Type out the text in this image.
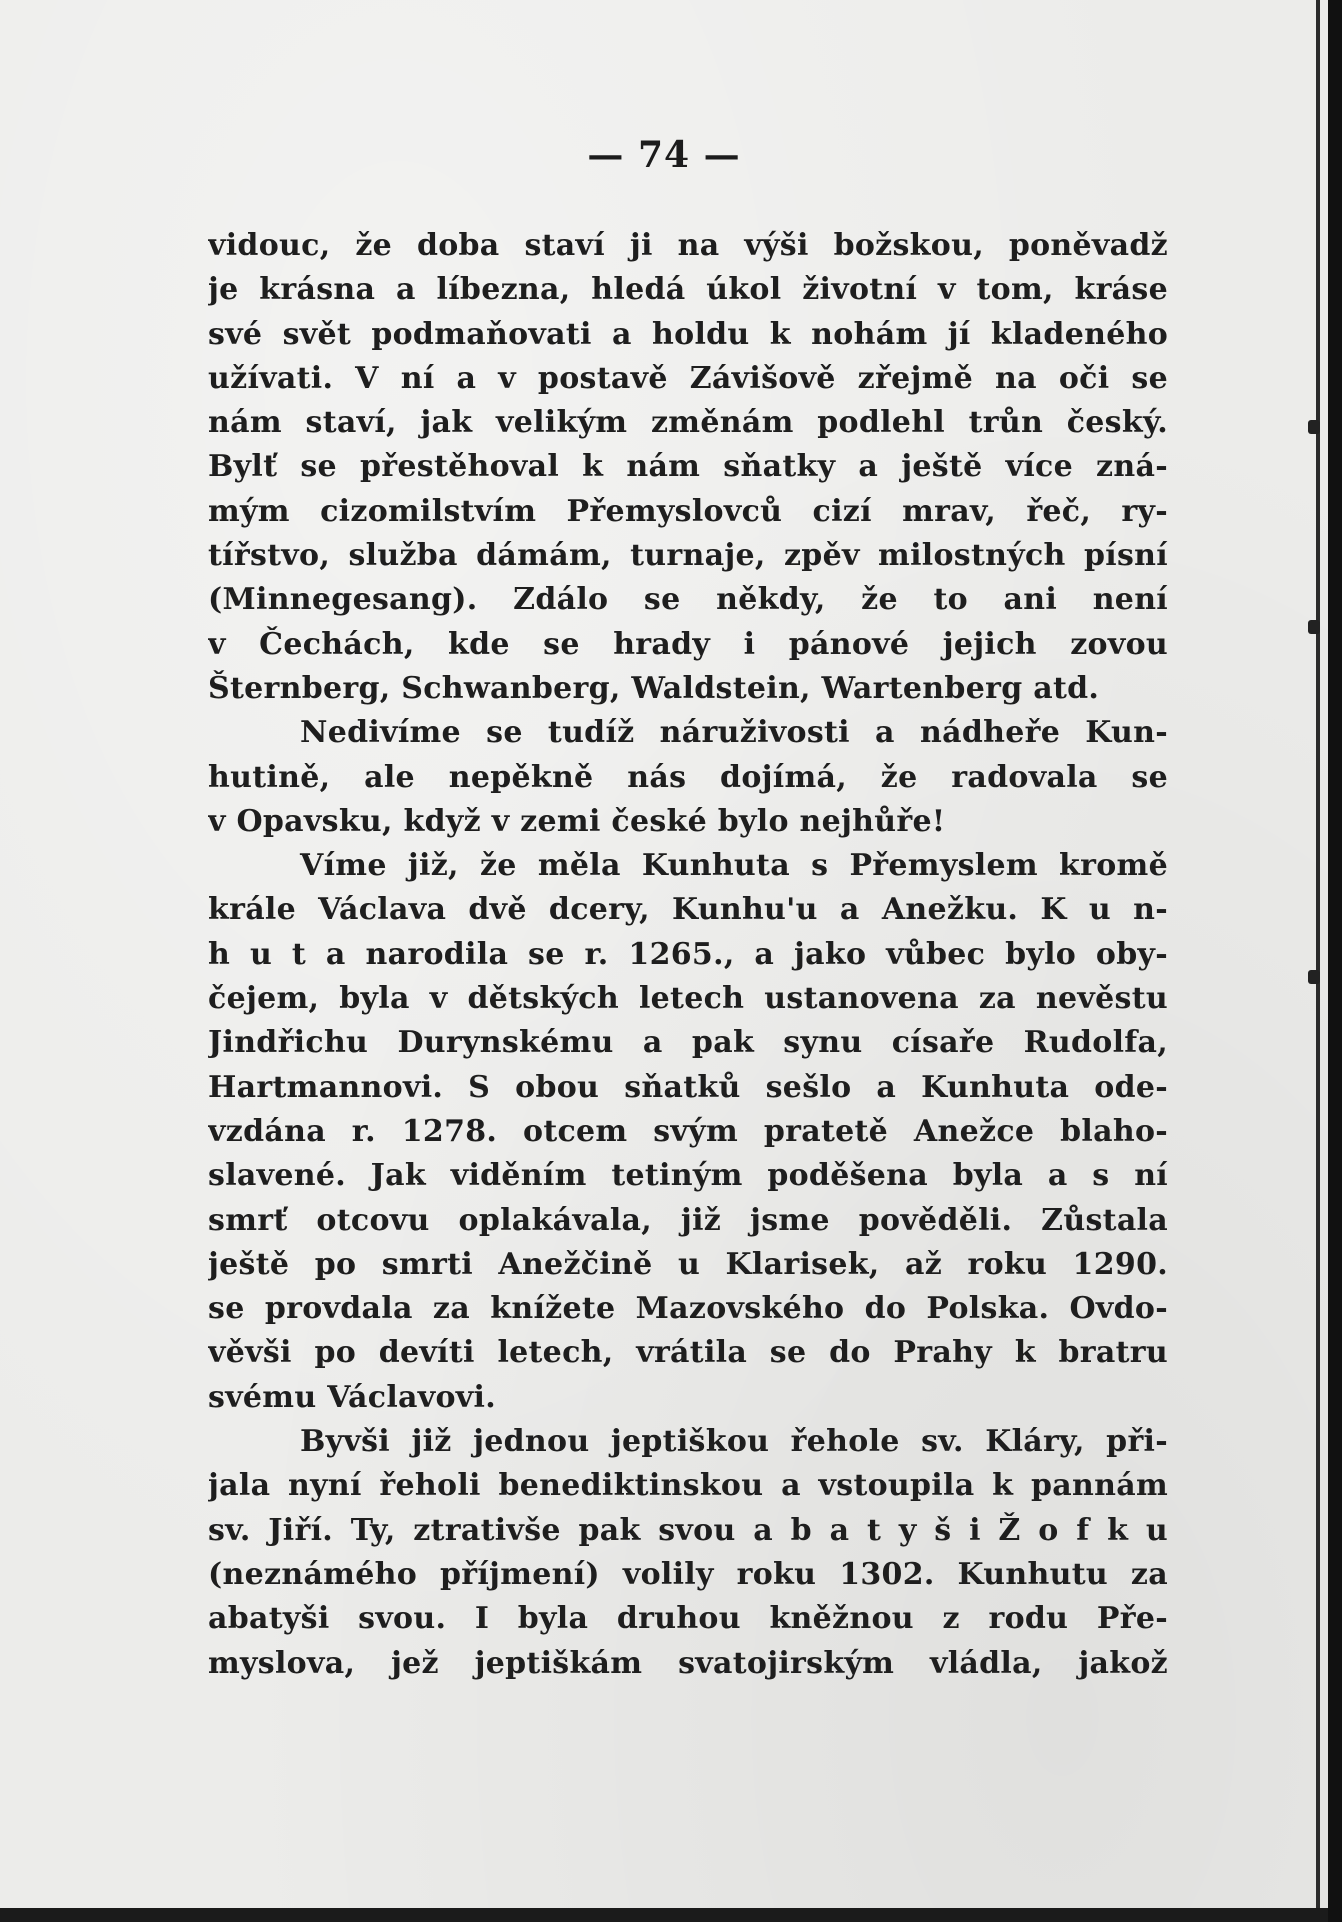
— 74 —
vidouc, že doba staví ji na výši božskou, poněvadž
je krásna a líbezna, hledá úkol životní v tom, kráse
své svět podmaňovati a holdu k nohám jí kladeného
užívati. V ní a v postavě Závišově zřejmě na oči se
nám staví, jak velikým změnám podlehl trůn český.
Bylť se přestěhoval k nám sňatky a ještě více zná-
mým cizomilstvím Přemyslovců cizí mrav, řeč, ry-
tířstvo, služba dámám, turnaje, zpěv milostných písní
(Minnegesang). Zdálo se někdy, že to ani není
v Čechách, kde se hrady i pánové jejich zovou
Šternberg, Schwanberg, Waldstein, Wartenberg atd.
Nedivíme se tudíž náruživosti a nádheře Kun-
hutině, ale nepěkně nás dojímá, že radovala se
v Opavsku, když v zemi české bylo nejhůře!
Víme již, že měla Kunhuta s Přemyslem kromě
krále Václava dvě dcery, Kunhu'u a Anežku. K u n-
h u t a narodila se r. 1265., a jako vůbec bylo oby-
čejem, byla v dětských letech ustanovena za nevěstu
Jindřichu Durynskému a pak synu císaře Rudolfa,
Hartmannovi. S obou sňatků sešlo a Kunhuta ode-
vzdána r. 1278. otcem svým pratetě Anežce blaho-
slavené. Jak viděním tetiným poděšena byla a s ní
smrť otcovu oplakávala, již jsme pověděli. Zůstala
ještě po smrti Anežčině u Klarisek, až roku 1290.
se provdala za knížete Mazovského do Polska. Ovdo-
věvši po devíti letech, vrátila se do Prahy k bratru
svému Václavovi.
Byvši již jednou jeptiškou řeholе sv. Kláry, při-
jala nyní řeholi benediktinskou a vstoupila k pannám
sv. Jiří. Ty, ztrativše pak svou a b a t y š i Ž o f k u
(neznámého příjmení) volily roku 1302. Kunhutu za
abatyši svou. I byla druhou kněžnou z rodu Pře-
myslova, jež jeptiškám svatojirským vládla, jakož
